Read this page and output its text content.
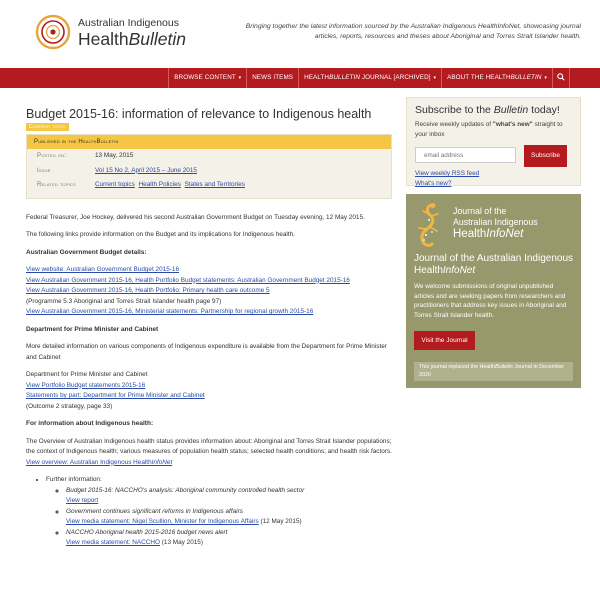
Australian Indigenous
HealthBulletin
Bringing together the latest information sourced by the Australian Indigenous HealthInfoNet, showcasing journal articles, reports, resources and theses about Aboriginal and Torres Strait Islander health.
BROWSE CONTENT ▾	NEWS ITEMS	HEALTHBULLETIN JOURNAL [ARCHIVED] ▾	ABOUT THE HEALTHBULLETIN ▾
Budget 2015-16: information of relevance to Indigenous health
Current topic
Published in the HealthBulletin
Posted on:	13 May, 2015
Issue	Vol 15 No 2, April 2015 – June 2015
Related topics	Current topics Health Policies States and Territories

Federal Treasurer, Joe Hockey, delivered his second Australian Government Budget on Tuesday evening, 12 May 2015.

The following links provide information on the Budget and its implications for Indigenous health.

Australian Government Budget details:

View website: Australian Government Budget 2015-16
View Australian Government 2015-16, Health Portfolio Budget statements: Australian Government Budget 2015-16
View Australian Government 2015-16, Health Portfolio: Primary health care outcome 5
(Programme 5.3 Aboriginal and Torres Strait Islander health page 97)
View Australian Government 2015-16, Ministerial statements: Partnership for regional growth 2015-16

Department for Prime Minister and Cabinet

More detailed information on various components of Indigenous expenditure is available from the Department for Prime Minister and Cabinet

Department for Prime Minister and Cabinet
View Portfolio Budget statements 2015-16
Statements by part: Department for Prime Minister and Cabinet
(Outcome 2 strategy, page 33)

For information about Indigenous health:

The Overview of Australian Indigenous health status provides information about: Aboriginal and Torres Strait Islander populations; the context of Indigenous health; various measures of population health status; selected health conditions; and health risk factors.
View overview: Australian Indigenous HealthInfoNet

• Further information:
◦ Budget 2015-16: NACCHO's analysis: Aboriginal community controlled health sector
View report
◦ Government continues significant reforms in Indigenous affairs
View media statement: Nigel Scullion, Minister for Indigenous Affairs (12 May 2015)
◦ NACCHO Aboriginal health 2015-2016 budget news alert
View media statement: NACCHO (13 May 2015)
Subscribe to the Bulletin today!
Receive weekly updates of "what's new" straight to your inbox
email address
Subscribe
View weekly RSS feed
What's new?
Journal of the
Australian Indigenous
HealthInfoNet
Journal of the Australian Indigenous HealthInfoNet
We welcome submissions of original unpublished articles and are seeking papers from researchers and practitioners that address key issues in Aboriginal and Torres Strait Islander health.
Visit the Journal
This journal replaced the HealthBulletin Journal in December 2020
